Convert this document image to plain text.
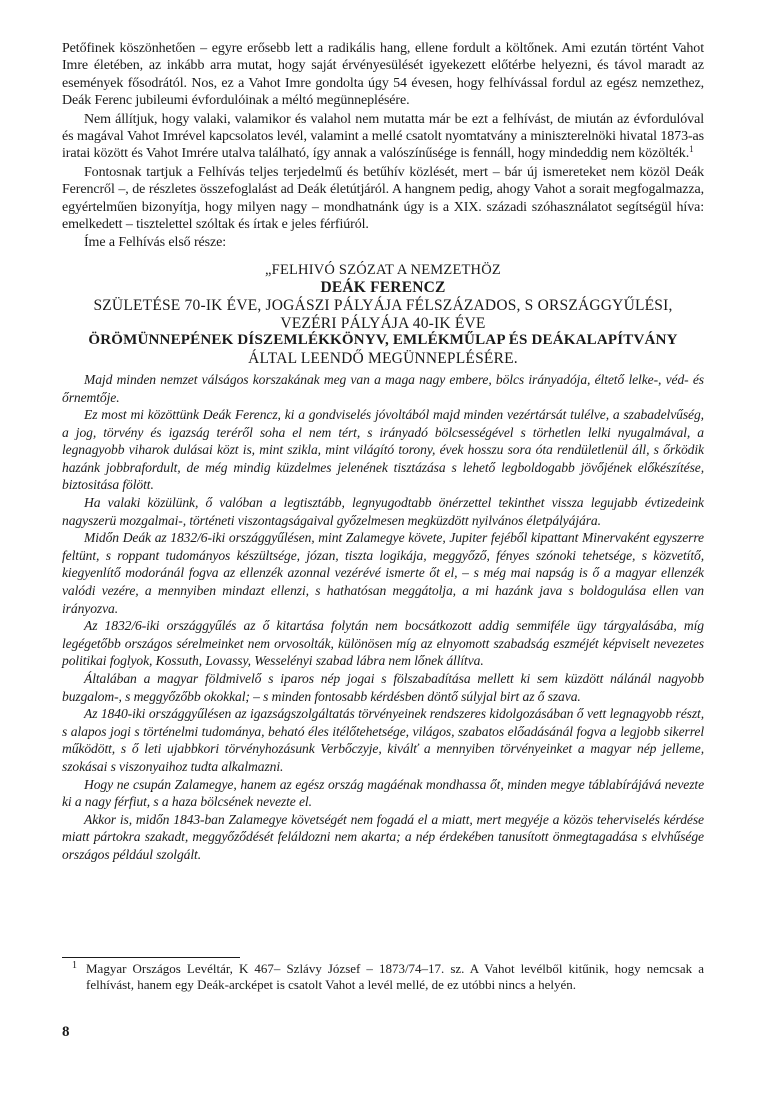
Petőfinek köszönhetően – egyre erősebb lett a radikális hang, ellene fordult a költőnek. Ami ezután történt Vahot Imre életében, az inkább arra mutat, hogy saját érvényesülését igyekezett előtérbe helyezni, és távol maradt az események fősodrától. Nos, ez a Vahot Imre gondolta úgy 54 évesen, hogy felhívással fordul az egész nemzethez, Deák Ferenc jubileumi évfordulóinak a méltó megünneplésére.

Nem állítjuk, hogy valaki, valamikor és valahol nem mutatta már be ezt a felhívást, de miután az évfordulóval és magával Vahot Imrével kapcsolatos levél, valamint a mellé csatolt nyomtatvány a miniszterelnöki hivatal 1873-as iratai között és Vahot Imrére utalva található, így annak a valószínűsége is fennáll, hogy mindeddig nem közölték.$^1$

Fontosnak tartjuk a Felhívás teljes terjedelmű és betűhív közlését, mert – bár új ismereteket nem közöl Deák Ferencről –, de részletes összefoglalást ad Deák életútjáról. A hangnem pedig, ahogy Vahot a sorait megfogalmazza, egyértelműen bizonyítja, hogy milyen nagy – mondhatnánk úgy is a XIX. századi szóhasználatot segítségül híva: emelkedett – tisztelettel szóltak és írtak e jeles férfiúról.

Íme a Felhívás első része:

„FELHIVÓ SZÓZAT A NEMZETHÖZ
DEÁK FERENCZ
SZÜLETÉSE 70-IK ÉVE, JOGÁSZI PÁLYÁJA FÉLSZÁZADOS, S ORSZÁGGYŰLÉSI,
VEZÉRI PÁLYÁJA 40-IK ÉVE
ÖRÖMÜNNEPÉNEK DÍSZEMLÉKKÖNYV, EMLÉKMŰLAP ÉS DEÁKALAPÍTVÁNY
ÁLTAL LEENDŐ MEGÜNNEPLÉSÉRE.

Majd minden nemzet válságos korszakának meg van a maga nagy embere, bölcs irányadója, éltető lelke-, véd- és őrnemtője.

Ez most mi közöttünk Deák Ferencz, ki a gondviselés jóvoltából majd minden vezértársát tulélve, a szabadelvűség, a jog, törvény és igazság teréről soha el nem tért, s irányadó bölcsességével s törhetlen lelki nyugalmával, a legnagyobb viharok dulásai közt is, mint szikla, mint világító torony, évek hosszu sora óta rendületlenül áll, s őrködik hazánk jobbrafordult, de még mindig küzdelmes jelenének tisztázása s lehető legboldogabb jövőjének előkészítése, biztositása fölött.

Ha valaki közülünk, ő valóban a legtisztább, legnyugodtabb önérzettel tekinthet vissza legujabb évtizedeink nagyszerü mozgalmai-, történeti viszontagságaival győzelmesen megküzdött nyilvános életpályájára.

Midőn Deák az 1832/6-iki országgyűlésen, mint Zalamegye követe, Jupiter fejéből kipattant Minervaként egyszerre feltünt, s roppant tudományos készültsége, józan, tiszta logikája, meggyőző, fényes szónoki tehetsége, s közvetítő, kiegyenlítő modoránál fogva az ellenzék azonnal vezérévé ismerte őt el, – s még mai napság is ő a magyar ellenzék valódi vezére, a mennyiben mindazt ellenzi, s hathatósan meggátolja, a mi hazánk java s boldogulása ellen van irányozva.

Az 1832/6-iki országgyűlés az ő kitartása folytán nem bocsátkozott addig semmiféle ügy tárgyalásába, míg legégetőbb országos sérelmeinket nem orvosolták, különösen míg az elnyomott szabadság eszméjét képviselt nevezetes politikai foglyok, Kossuth, Lovassy, Wesselényi szabad lábra nem lőnek állítva.

Általában a magyar földmivelő s iparos nép jogai s fölszabadítása mellett ki sem küzdött nálánál nagyobb buzgalom-, s meggyőzőbb okokkal; – s minden fontosabb kérdésben döntő súlyjal birt az ő szava.

Az 1840-iki országgyűlésen az igazságszolgáltatás törvényeinek rendszeres kidolgozásában ő vett legnagyobb részt, s alapos jogi s történelmi tudománya, beható éles itélőtehetsége, világos, szabatos előadásánál fogva a legjobb sikerrel működött, s ő leti ujabbkori törvényhozásunk Verbőczyje, kiválť a mennyiben törvényeinket a magyar nép jelleme, szokásai s viszonyaihoz tudta alkalmazni.

Hogy ne csupán Zalamegye, hanem az egész ország magáénak mondhassa őt, minden megye táblabírájává nevezte ki a nagy férfiut, s a haza bölcsének nevezte el.

Akkor is, midőn 1843-ban Zalamegye követségét nem fogadá el a miatt, mert megyéje a közös teherviselés kérdése miatt pártokra szakadt, meggyőződését feláldozni nem akarta; a nép érdekében tanusított önmegtagadása s elvhűsége országos például szolgált.

1 Magyar Országos Levéltár, K 467– Szlávy József – 1873/74–17. sz. A Vahot levélből kitűnik, hogy nemcsak a felhívást, hanem egy Deák-arcképet is csatolt Vahot a levél mellé, de ez utóbbi nincs a helyén.
8
